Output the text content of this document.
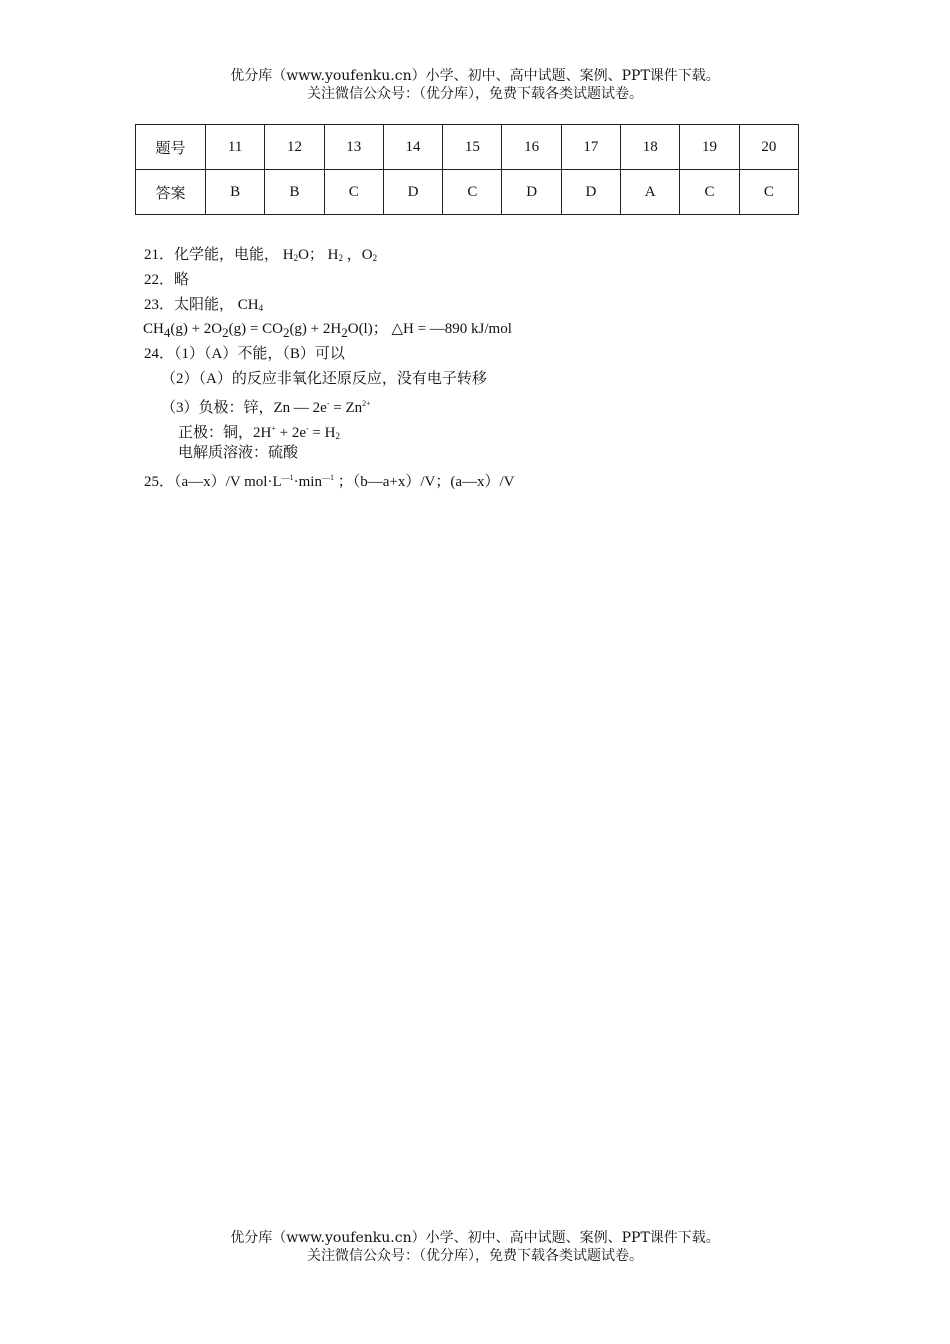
优分库（www.youfenku.cn）小学、初中、高中试题、案例、PPT课件下载。
关注微信公众号：（优分库），免费下载各类试题试卷。
题号	11	12	13	14	15	16	17	18	19	20
答案	B	B	C	D	C	D	D	A	C	C
21．化学能，电能， $H_2O$； $H_2$ ，$O_2$
22．略
23．太阳能， $CH_4$
CH4(g) + 2O2(g) = CO2(g) + 2H2O(l)； △H = —890 kJ/mol
24．（1）（A）不能，（B）可以
（2）（A）的反应非氧化还原反应，没有电子转移
（3）负极：锌，Zn — $2e^- = Zn^{2+}$
正极：铜，$2H^+ + 2e^- = H_2$
电解质溶液：硫酸
25．（a—x）/V $mol\cdot L^{—1}\cdot\min^{—1}$ ；（b—a+x）/V；(a—x）/V
优分库（www.youfenku.cn）小学、初中、高中试题、案例、PPT课件下载。
关注微信公众号：（优分库），免费下载各类试题试卷。
